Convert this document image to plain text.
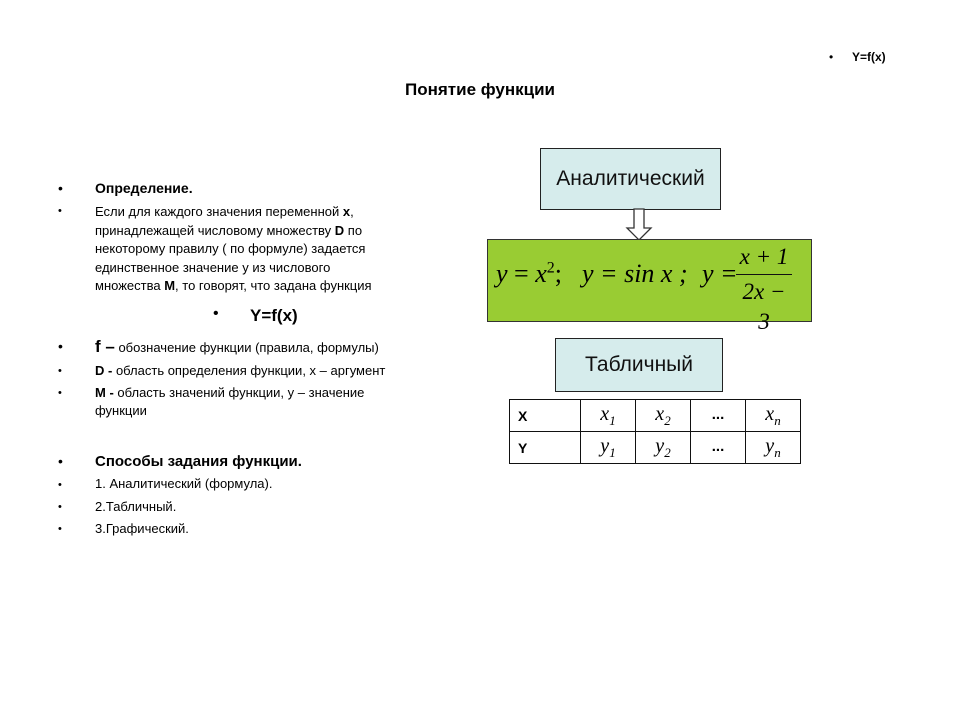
• Y=f(x)
Понятие функции
• Определение.
•	Если для каждого значения переменной x,
принадлежащей числовому множеству D по
некоторому правилу ( по формуле) задается
единственное значение у из числового
множества M, то говорят, что задана функция
• Y=f(x)
• f – обозначение функции (правила, формулы)
•	D - область определения функции, х – аргумент
•	M - область значений функции, у – значение
функции
• Способы задания функции.
•	1. Аналитический (формула).
•	2.Табличный.
•	3.Графический.
Аналитический
$y = x^2$; y = sin x ; y =
x + 1
2x − 3
Табличный
X	$x_1$	$x_2$	...	$x_n$
Y	$y_1$	$y_2$	...	$y_n$
